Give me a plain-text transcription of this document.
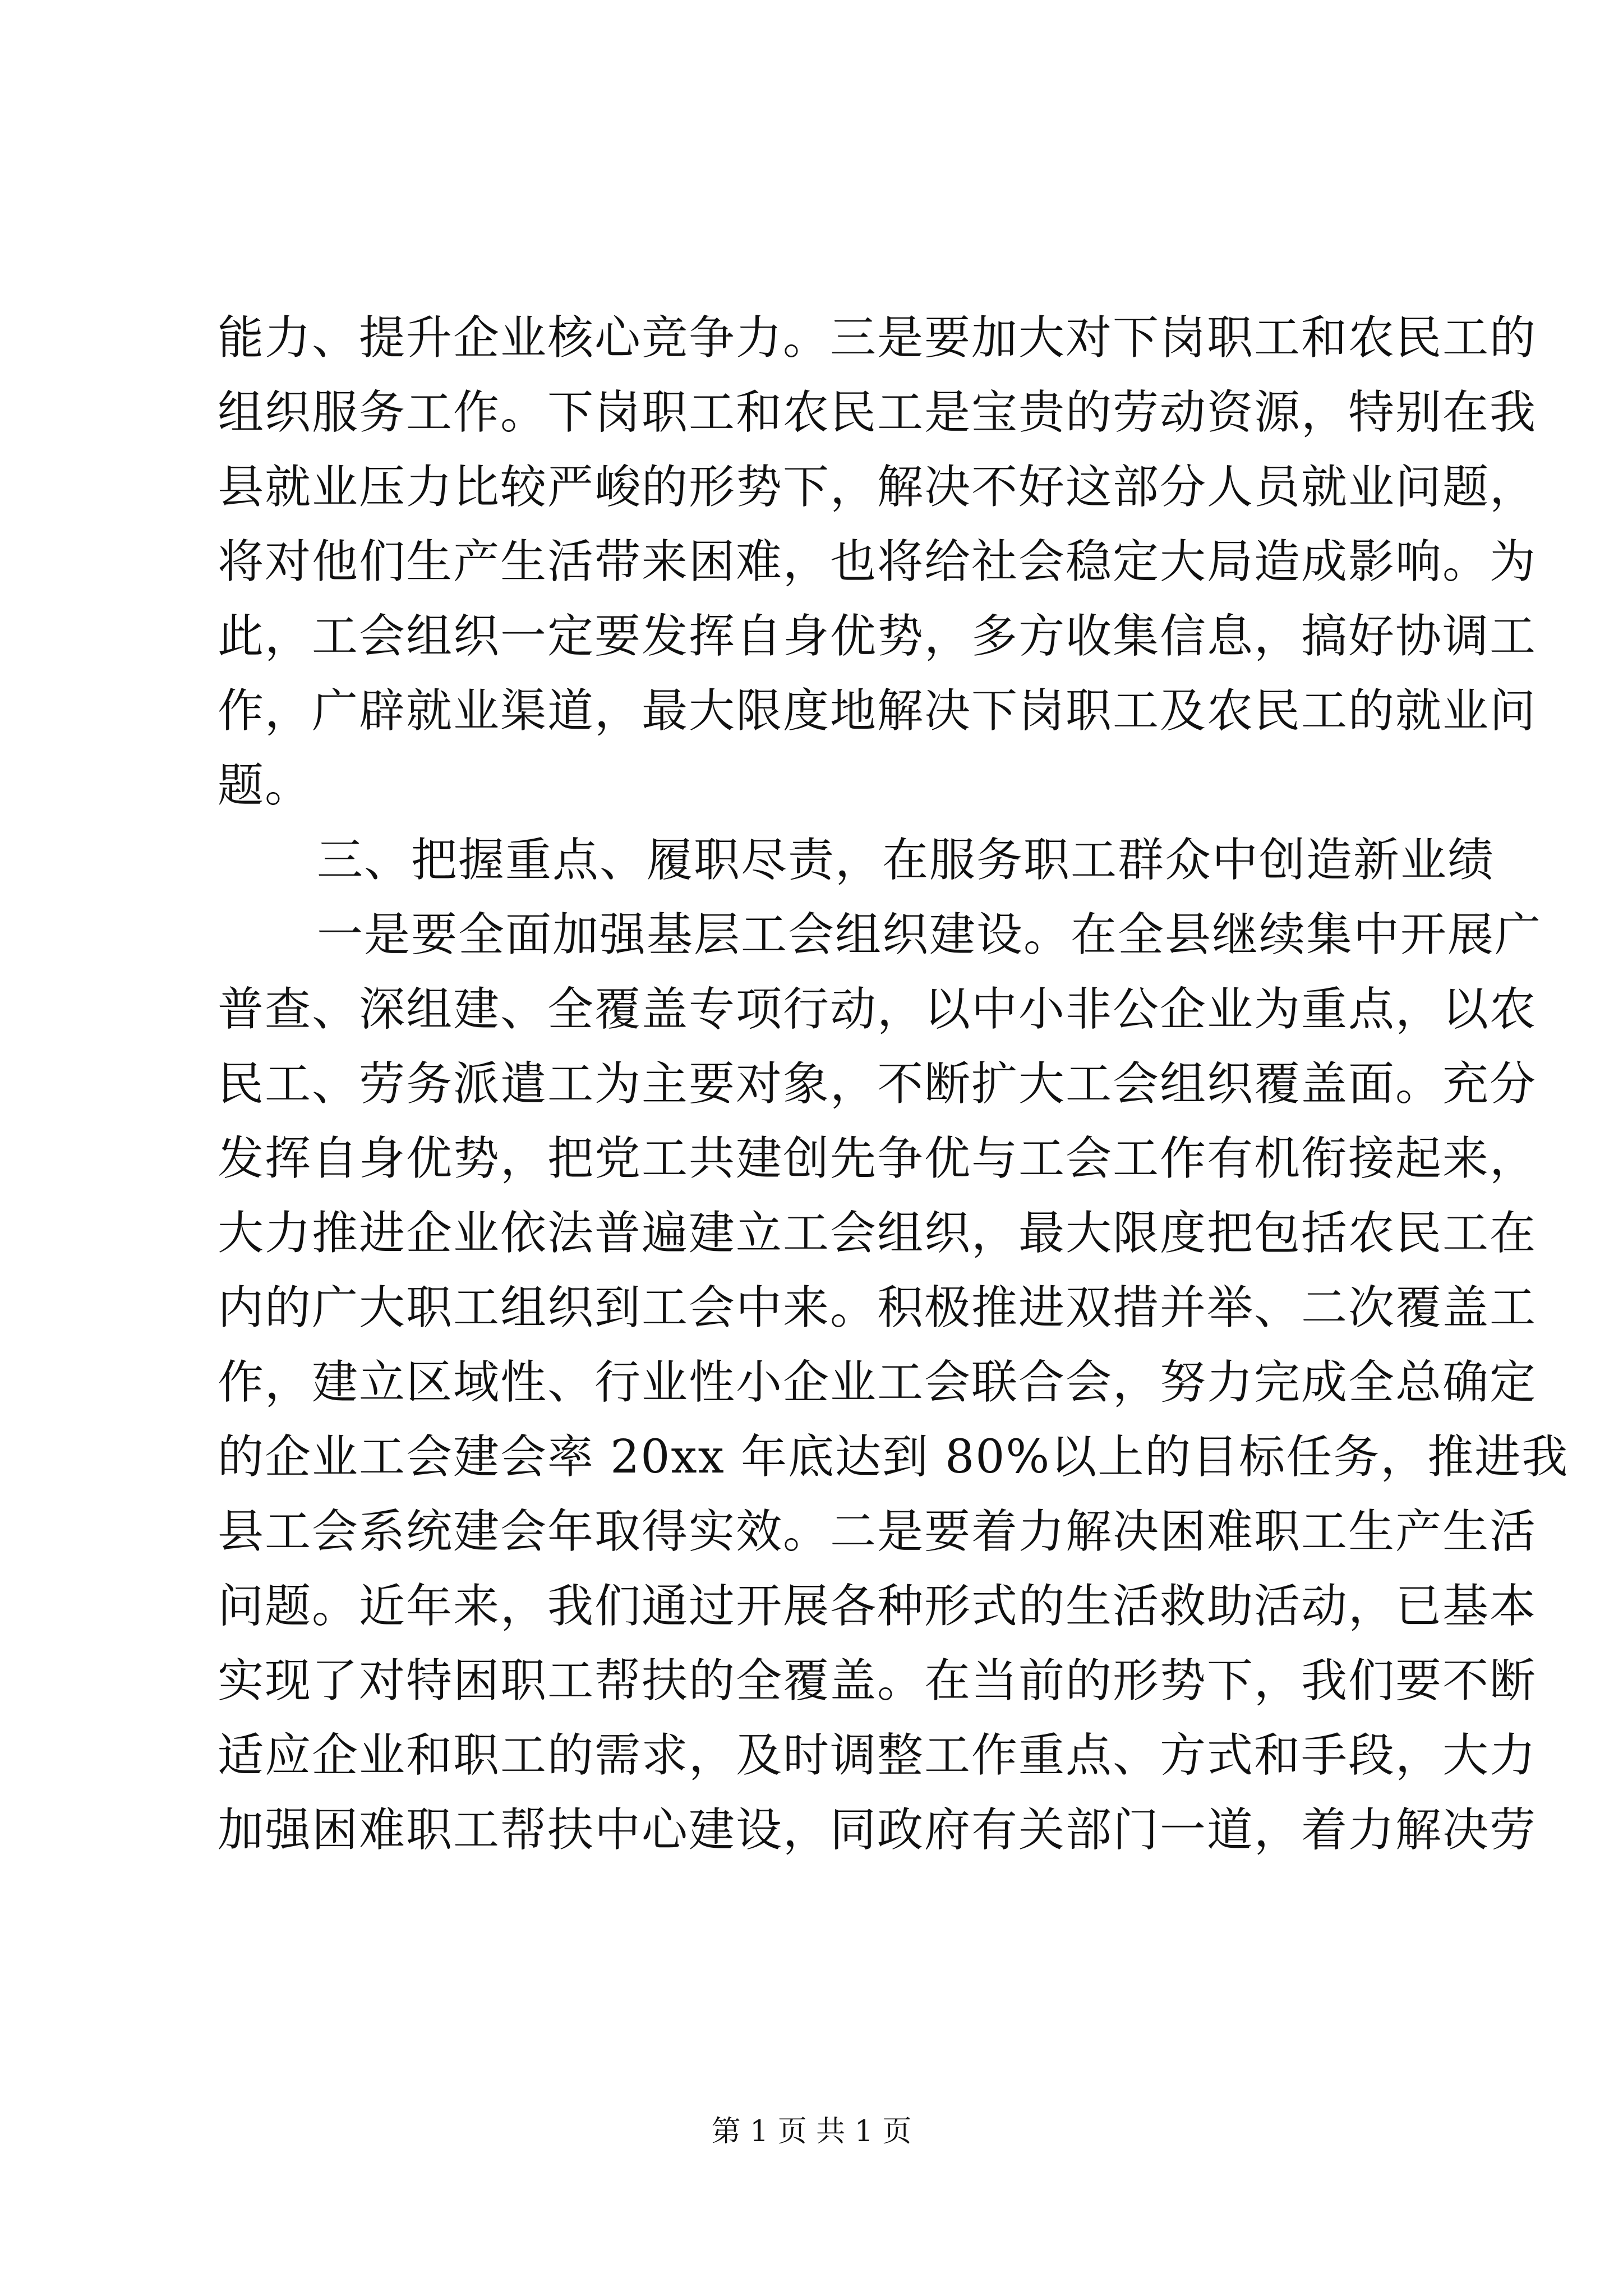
能力、提升企业核心竞争力。三是要加大对下岗职工和农民工的

组织服务工作。下岗职工和农民工是宝贵的劳动资源，特别在我

县就业压力比较严峻的形势下，解决不好这部分人员就业问题，

将对他们生产生活带来困难，也将给社会稳定大局造成影响。为

此，工会组织一定要发挥自身优势，多方收集信息，搞好协调工

作，广辟就业渠道，最大限度地解决下岗职工及农民工的就业问

题。

三、把握重点、履职尽责，在服务职工群众中创造新业绩

一是要全面加强基层工会组织建设。在全县继续集中开展广

普查、深组建、全覆盖专项行动，以中小非公企业为重点，以农

民工、劳务派遣工为主要对象，不断扩大工会组织覆盖面。充分

发挥自身优势，把党工共建创先争优与工会工作有机衔接起来，

大力推进企业依法普遍建立工会组织，最大限度把包括农民工在

内的广大职工组织到工会中来。积极推进双措并举、二次覆盖工

作，建立区域性、行业性小企业工会联合会，努力完成全总确定

的企业工会建会率 20xx 年底达到 80%以上的目标任务，推进我

县工会系统建会年取得实效。二是要着力解决困难职工生产生活

问题。近年来，我们通过开展各种形式的生活救助活动，已基本

实现了对特困职工帮扶的全覆盖。在当前的形势下，我们要不断

适应企业和职工的需求，及时调整工作重点、方式和手段，大力

加强困难职工帮扶中心建设，同政府有关部门一道，着力解决劳

第 1 页 共 1 页
